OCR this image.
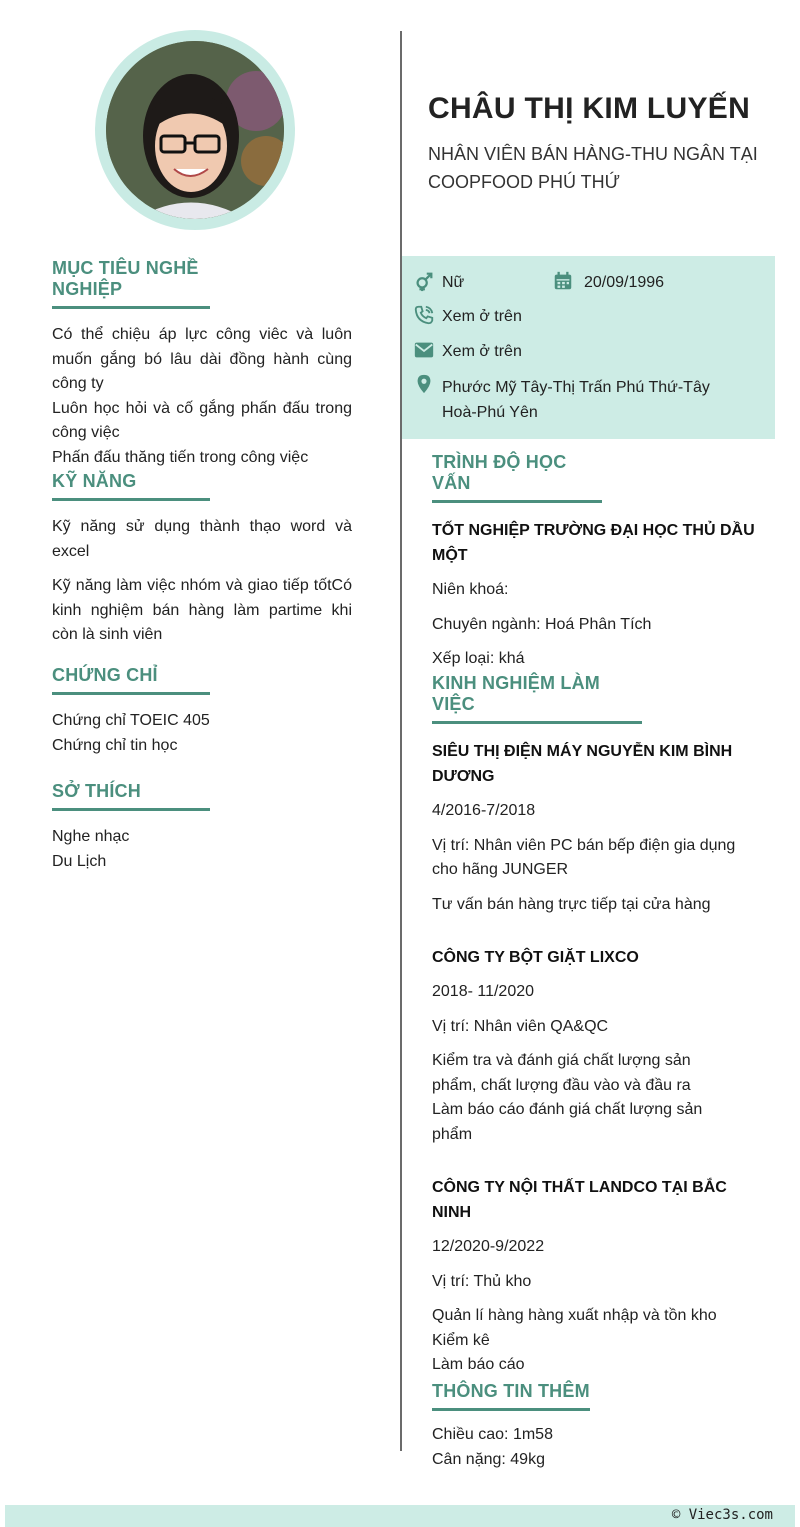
MỤC TIÊU NGHỀ NGHIỆP
Có thể chiệu áp lực công viêc và luôn muốn gắng bó lâu dài đồng hành cùng công ty
Luôn học hỏi và cố gắng phấn đấu trong công việc
Phấn đấu thăng tiến trong công việc
KỸ NĂNG
Kỹ năng sử dụng thành thạo word và excel
Kỹ năng làm việc nhóm và giao tiếp tốtCó kinh nghiệm bán hàng làm partime khi còn là sinh viên
CHỨNG CHỈ
Chứng chỉ TOEIC 405
Chứng chỉ tin học
SỞ THÍCH
Nghe nhạc
Du Lịch
CHÂU THỊ KIM LUYẾN
NHÂN VIÊN BÁN HÀNG-THU NGÂN TẠI COOPFOOD PHÚ THỨ
Nữ	20/09/1996
Xem ở trên
Xem ở trên
Phước Mỹ Tây-Thị Trấn Phú Thứ-Tây Hoà-Phú Yên
TRÌNH ĐỘ HỌC VẤN
TỐT NGHIỆP TRƯỜNG ĐẠI HỌC THỦ DẦU MỘT
Niên khoá:
Chuyên ngành: Hoá Phân Tích
Xếp loại: khá
KINH NGHIỆM LÀM VIỆC
SIÊU THỊ ĐIỆN MÁY NGUYỄN KIM BÌNH DƯƠNG
4/2016-7/2018
Vị trí: Nhân viên PC bán bếp điện gia dụng cho hãng JUNGER
Tư vấn bán hàng trực tiếp tại cửa hàng
CÔNG TY BỘT GIẶT LIXCO
2018- 11/2020
Vị trí: Nhân viên QA&QC
Kiểm tra và đánh giá chất lượng sản phẩm, chất lượng đầu vào và đầu ra
Làm báo cáo đánh giá chất lượng sản phẩm
CÔNG TY NỘI THẤT LANDCO TẠI BẮC NINH
12/2020-9/2022
Vị trí: Thủ kho
Quản lí hàng hàng xuất nhập và tồn kho
Kiểm kê
Làm báo cáo
THÔNG TIN THÊM
Chiều cao: 1m58
Cân nặng: 49kg
© Viec3s.com
